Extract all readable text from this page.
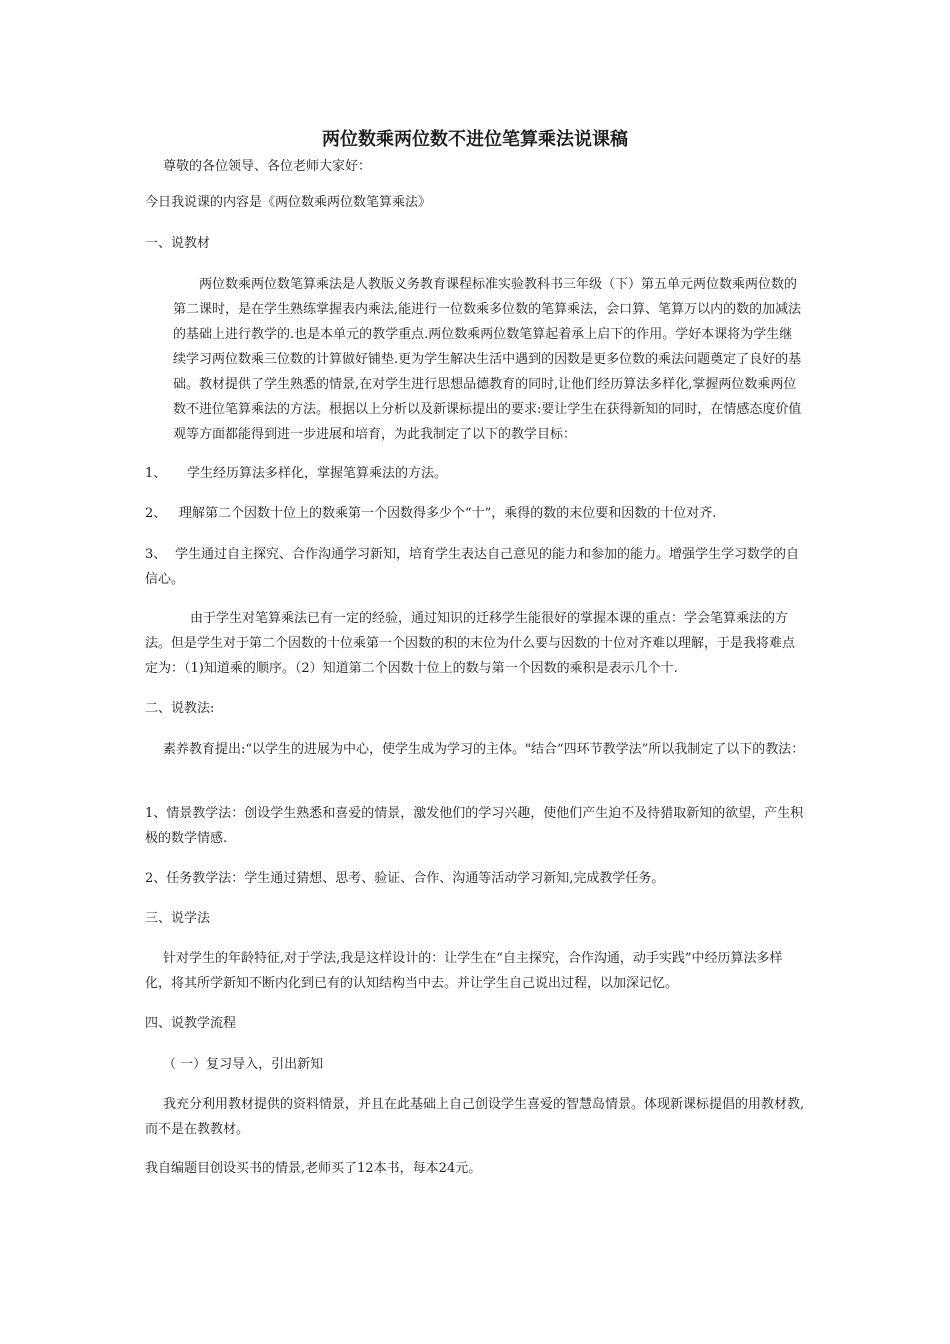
两位数乘两位数不进位笔算乘法说课稿
尊敬的各位领导、各位老师大家好：
今日我说课的内容是《两位数乘两位数笔算乘法》
一、说教材
两位数乘两位数笔算乘法是人教版义务教育课程标准实验教科书三年级（下）第五单元两位数乘两位数的第二课时，是在学生熟练掌握表内乘法,能进行一位数乘多位数的笔算乘法，会口算、笔算万以内的数的加减法的基础上进行教学的.也是本单元的教学重点.两位数乘两位数笔算起着承上启下的作用。学好本课将为学生继续学习两位数乘三位数的计算做好铺垫.更为学生解决生活中遇到的因数是更多位数的乘法问题奠定了良好的基础。教材提供了学生熟悉的情景,在对学生进行思想品德教育的同时,让他们经历算法多样化,掌握两位数乘两位数不进位笔算乘法的方法。根据以上分析以及新课标提出的要求:要让学生在获得新知的同时，在情感态度价值观等方面都能得到进一步进展和培育，为此我制定了以下的教学目标：
1、 学生经历算法多样化，掌握笔算乘法的方法。
2、 理解第二个因数十位上的数乘第一个因数得多少个“十”，乘得的数的末位要和因数的十位对齐.
3、 学生通过自主探究、合作沟通学习新知，培育学生表达自己意见的能力和参加的能力。增强学生学习数学的自信心。
由于学生对笔算乘法已有一定的经验，通过知识的迁移学生能很好的掌握本课的重点：学会笔算乘法的方法。但是学生对于第二个因数的十位乘第一个因数的积的末位为什么要与因数的十位对齐难以理解，于是我将难点定为：（1)知道乘的顺序。（2）知道第二个因数十位上的数与第一个因数的乘积是表示几个十.
二、说教法:
素养教育提出:“以学生的进展为中心，使学生成为学习的主体。"结合“四环节教学法”所以我制定了以下的教法：
1、情景教学法：创设学生熟悉和喜爱的情景，激发他们的学习兴趣，使他们产生迫不及待猎取新知的欲望，产生积极的数学情感.
2、任务教学法：学生通过猜想、思考、验证、合作、沟通等活动学习新知,完成教学任务。
三、说学法
针对学生的年龄特征,对于学法,我是这样设计的：让学生在“自主探究，合作沟通，动手实践”中经历算法多样化，将其所学新知不断内化到已有的认知结构当中去。并让学生自己说出过程，以加深记忆。
四、说教学流程
（ 一）复习导入，引出新知
我充分利用教材提供的资料情景，并且在此基础上自己创设学生喜爱的智慧岛情景。体现新课标提倡的用教材教,而不是在教教材。
我自编题目创设买书的情景,老师买了12本书，每本24元。
